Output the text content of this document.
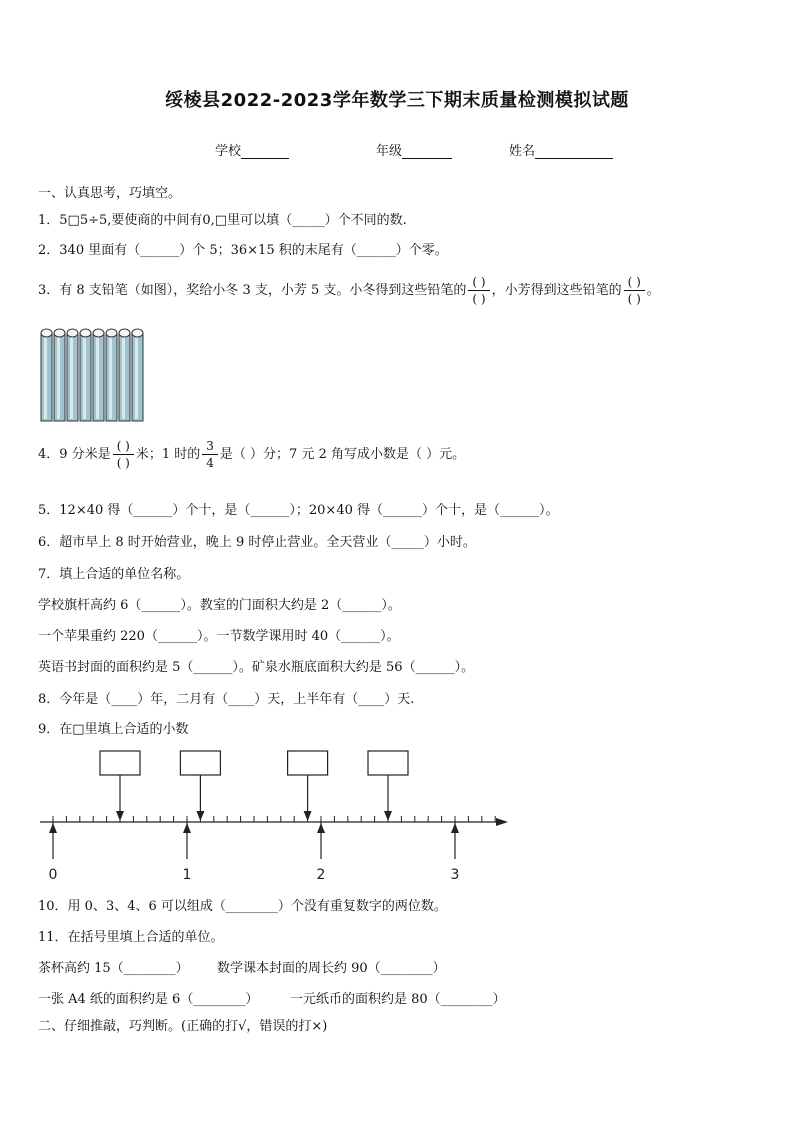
绥棱县2022-2023学年数学三下期末质量检测模拟试题
学校	年级	姓名
一、认真思考，巧填空。
1．5□5÷5,要使商的中间有0,□里可以填（_____）个不同的数.
2．340 里面有（______）个 5；36×15 积的末尾有（______）个零。
3．有 8 支铅笔（如图），奖给小冬 3 支，小芳 5 支。小冬得到这些铅笔的 $\frac{( )}{( )}$ ，小芳得到这些铅笔的 $\frac{( )}{( )}$ 。
4．9 分米是 $\frac{( )}{( )}$ 米；1 时的 $\frac{3}{4}$ 是（ ）分；7 元 2 角写成小数是（ ）元。
5．12×40 得（______）个十，是（______）；20×40 得（______）个十，是（______）。
6．超市早上 8 时开始营业，晚上 9 时停止营业。全天营业（_____）小时。
7．填上合适的单位名称。
学校旗杆高约 6（______）。教室的门面积大约是 2（______）。
一个苹果重约 220（______）。一节数学课用时 40（______）。
英语书封面的面积约是 5（______）。矿泉水瓶底面积大约是 56（______）。
8．今年是（____）年，二月有（____）天，上半年有（____）天.
9．在□里填上合适的小数
0	1	2	3
10．用 0、3、4、6 可以组成（________）个没有重复数字的两位数。
11．在括号里填上合适的单位。
茶杯高约 15（________） 数学课本封面的周长约 90（________）
一张 A4 纸的面积约是 6（________） 一元纸币的面积约是 80（________）
二、仔细推敲，巧判断。(正确的打√，错误的打×)
